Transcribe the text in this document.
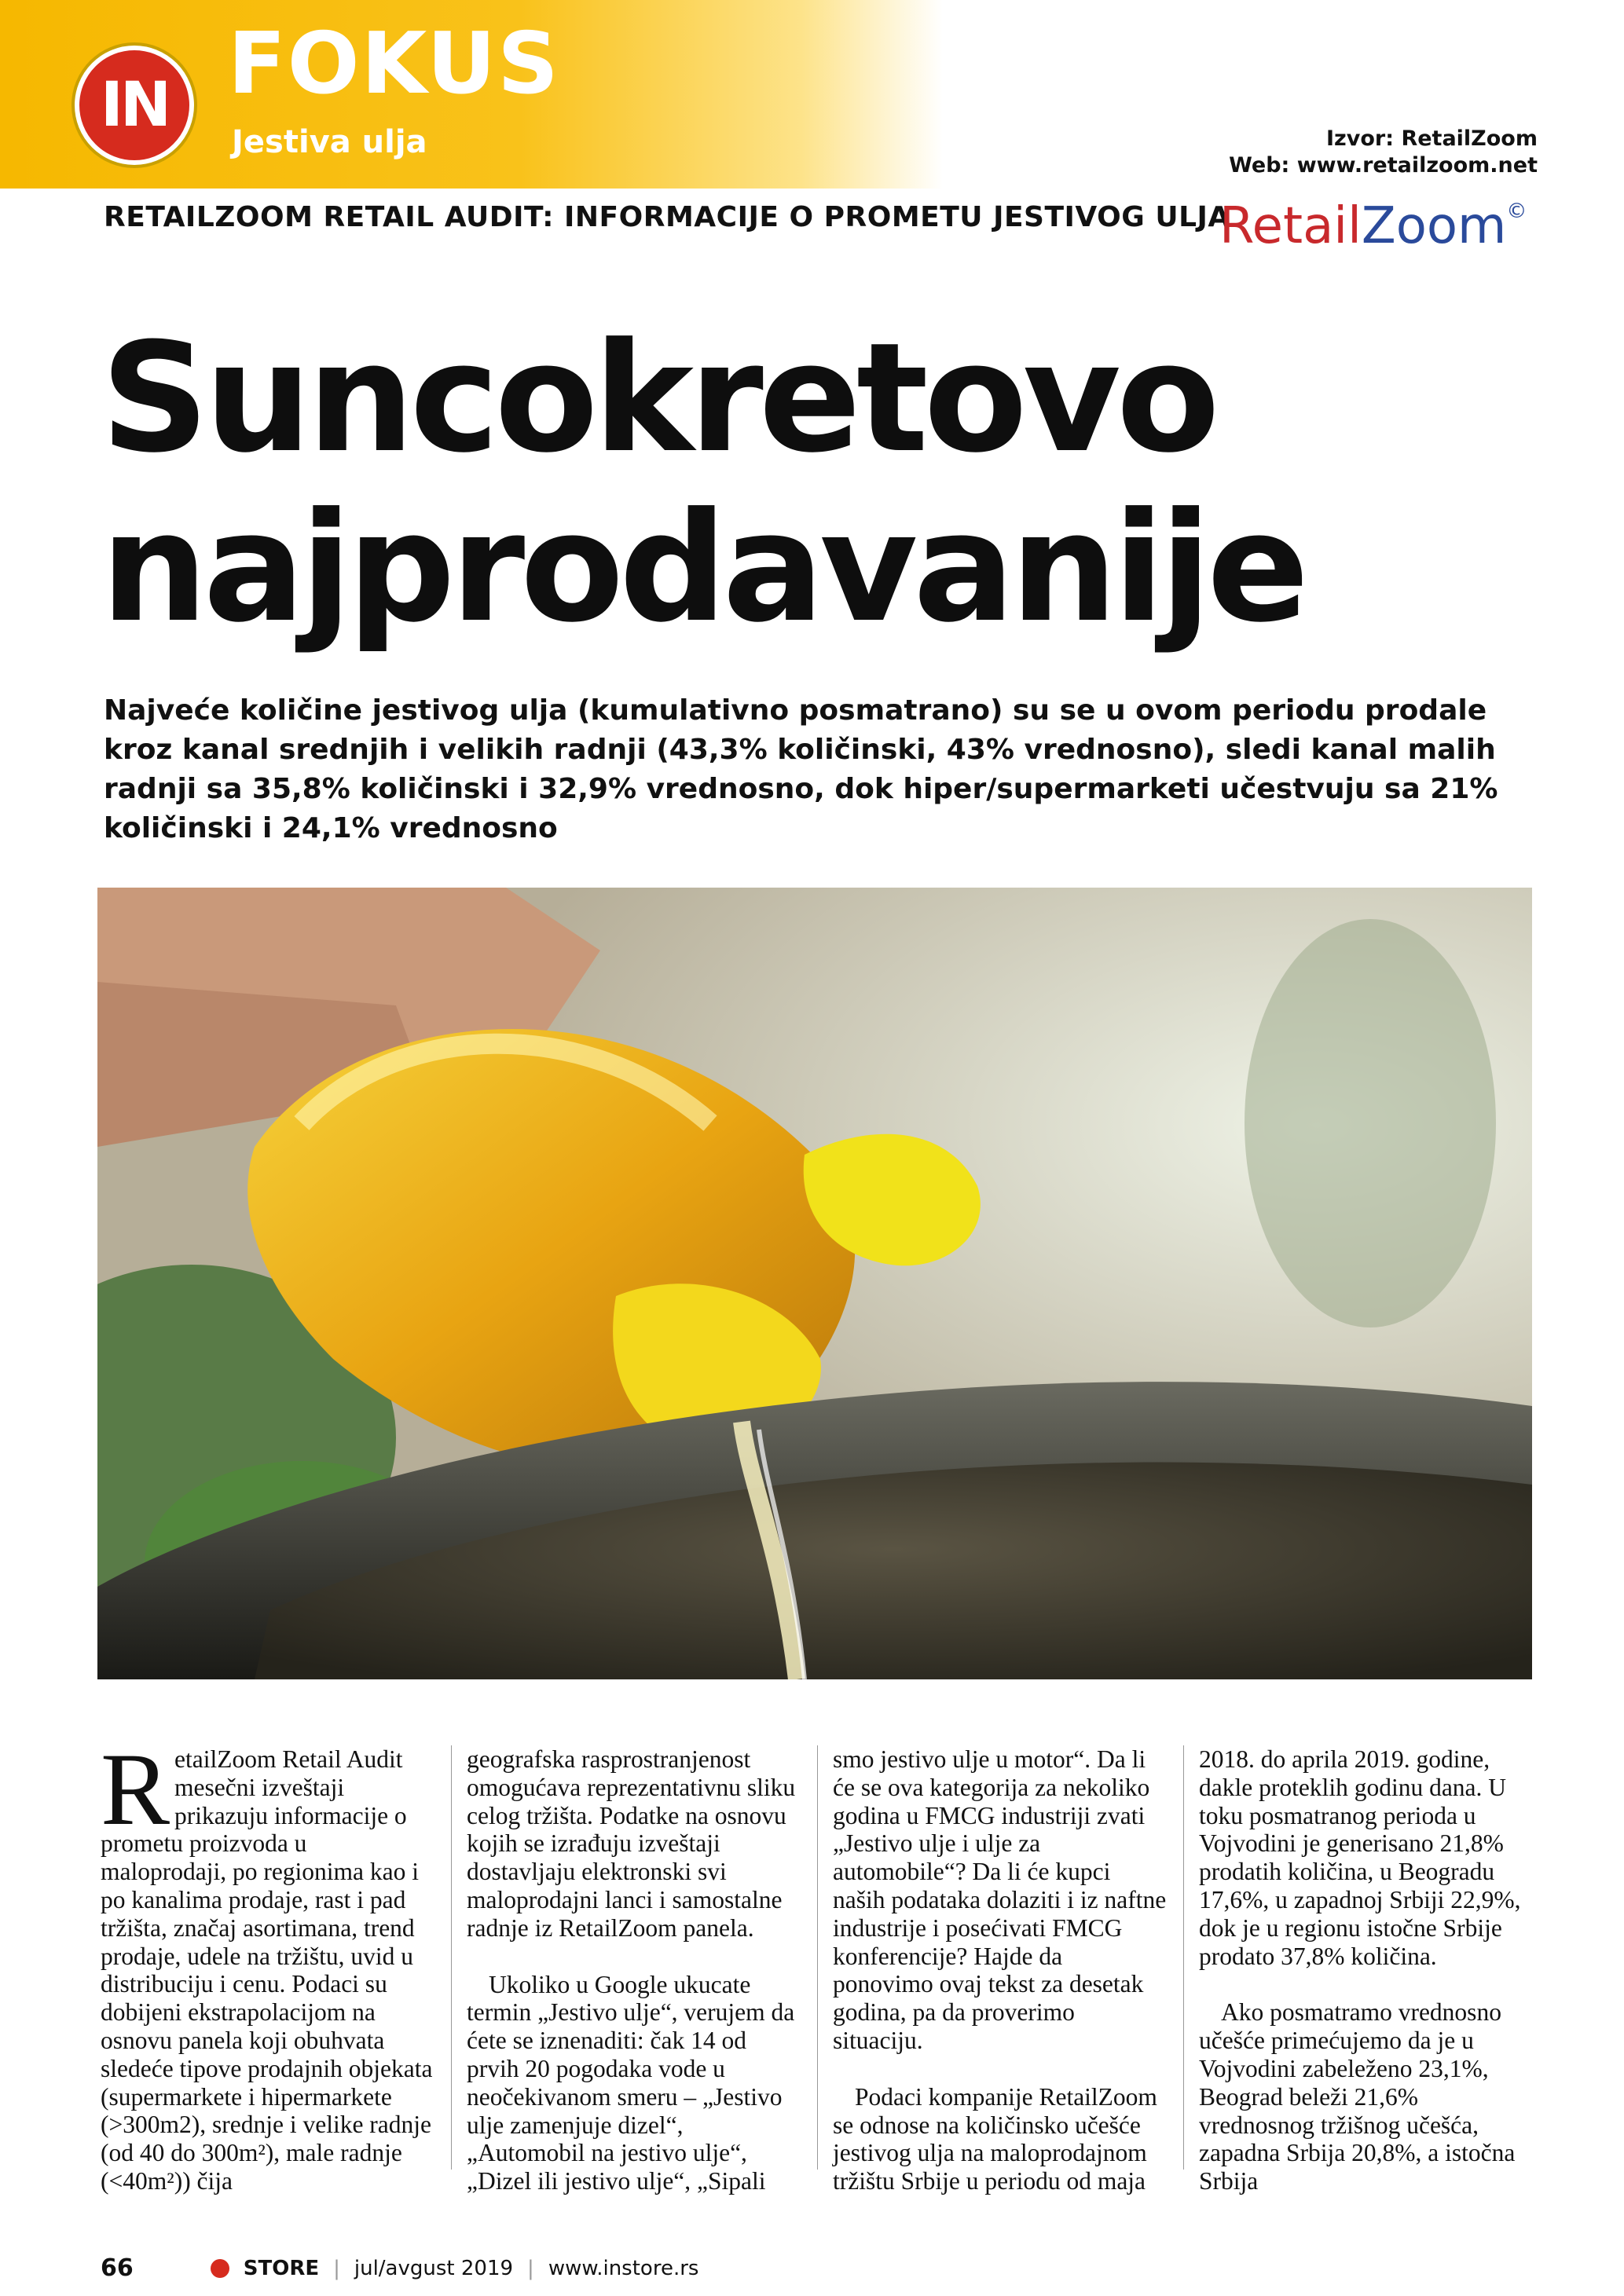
IN FOKUS
Jestiva ulja	Izvor: RetailZoom
Web: www.retailzoom.net
RETAILZOOM RETAIL AUDIT: INFORMACIJE O PROMETU JESTIVOG ULJA
RetailZoom©
Suncokretovo
najprodavanije
Najveće količine jestivog ulja (kumulativno posmatrano) su se u ovom periodu prodale kroz kanal srednjih i velikih radnji (43,3% količinski, 43% vrednosno), sledi kanal malih radnji sa 35,8% količinski i 32,9% vrednosno, dok hiper/supermarketi učestvuju sa 21% količinski i 24,1% vrednosno
R etailZoom Retail Audit mesečni izveštaji prikazuju informacije o prometu proizvoda u maloprodaji, po regionima kao i po kanalima prodaje, rast i pad tržišta, značaj asortimana, trend prodaje, udele na tržištu, uvid u distribuciju i cenu. Podaci su dobijeni ekstrapolacijom na osnovu panela koji obuhvata sledeće tipove prodajnih objekata (supermarkete i hipermarkete (>300m2), srednje i velike radnje (od 40 do 300m²), male radnje (<40m²)) čija

geografska rasprostranjenost omogućava reprezentativnu sliku celog tržišta. Podatke na osnovu kojih se izrađuju izveštaji dostavljaju elektronski svi maloprodajni lanci i samostalne radnje iz RetailZoom panela.

Ukoliko u Google ukucate termin „Jestivo ulje“, verujem da ćete se iznenaditi: čak 14 od prvih 20 pogodaka vode u neočekivanom smeru – „Jestivo ulje zamenjuje dizel“, „Automobil na jestivo ulje“, „Dizel ili jestivo ulje“, „Sipali

smo jestivo ulje u motor“. Da li će se ova kategorija za nekoliko godina u FMCG industriji zvati „Jestivo ulje i ulje za automobile“? Da li će kupci naših podataka dolaziti i iz naftne industrije i posećivati FMCG konferencije? Hajde da ponovimo ovaj tekst za desetak godina, pa da proverimo situaciju.

Podaci kompanije RetailZoom se odnose na količinsko učešće jestivog ulja na maloprodajnom tržištu Srbije u periodu od maja

2018. do aprila 2019. godine, dakle proteklih godinu dana. U toku posmatranog perioda u Vojvodini je generisano 21,8% prodatih količina, u Beogradu 17,6%, u zapadnoj Srbiji 22,9%, dok je u regionu istočne Srbije prodato 37,8% količina.

Ako posmatramo vrednosno učešće primećujemo da je u Vojvodini zabeleženo 23,1%, Beograd beleži 21,6% vrednosnog tržišnog učešća, zapadna Srbija 20,8%, a istočna Srbija

66	STORE | jul/avgust 2019 | www.instore.rs
